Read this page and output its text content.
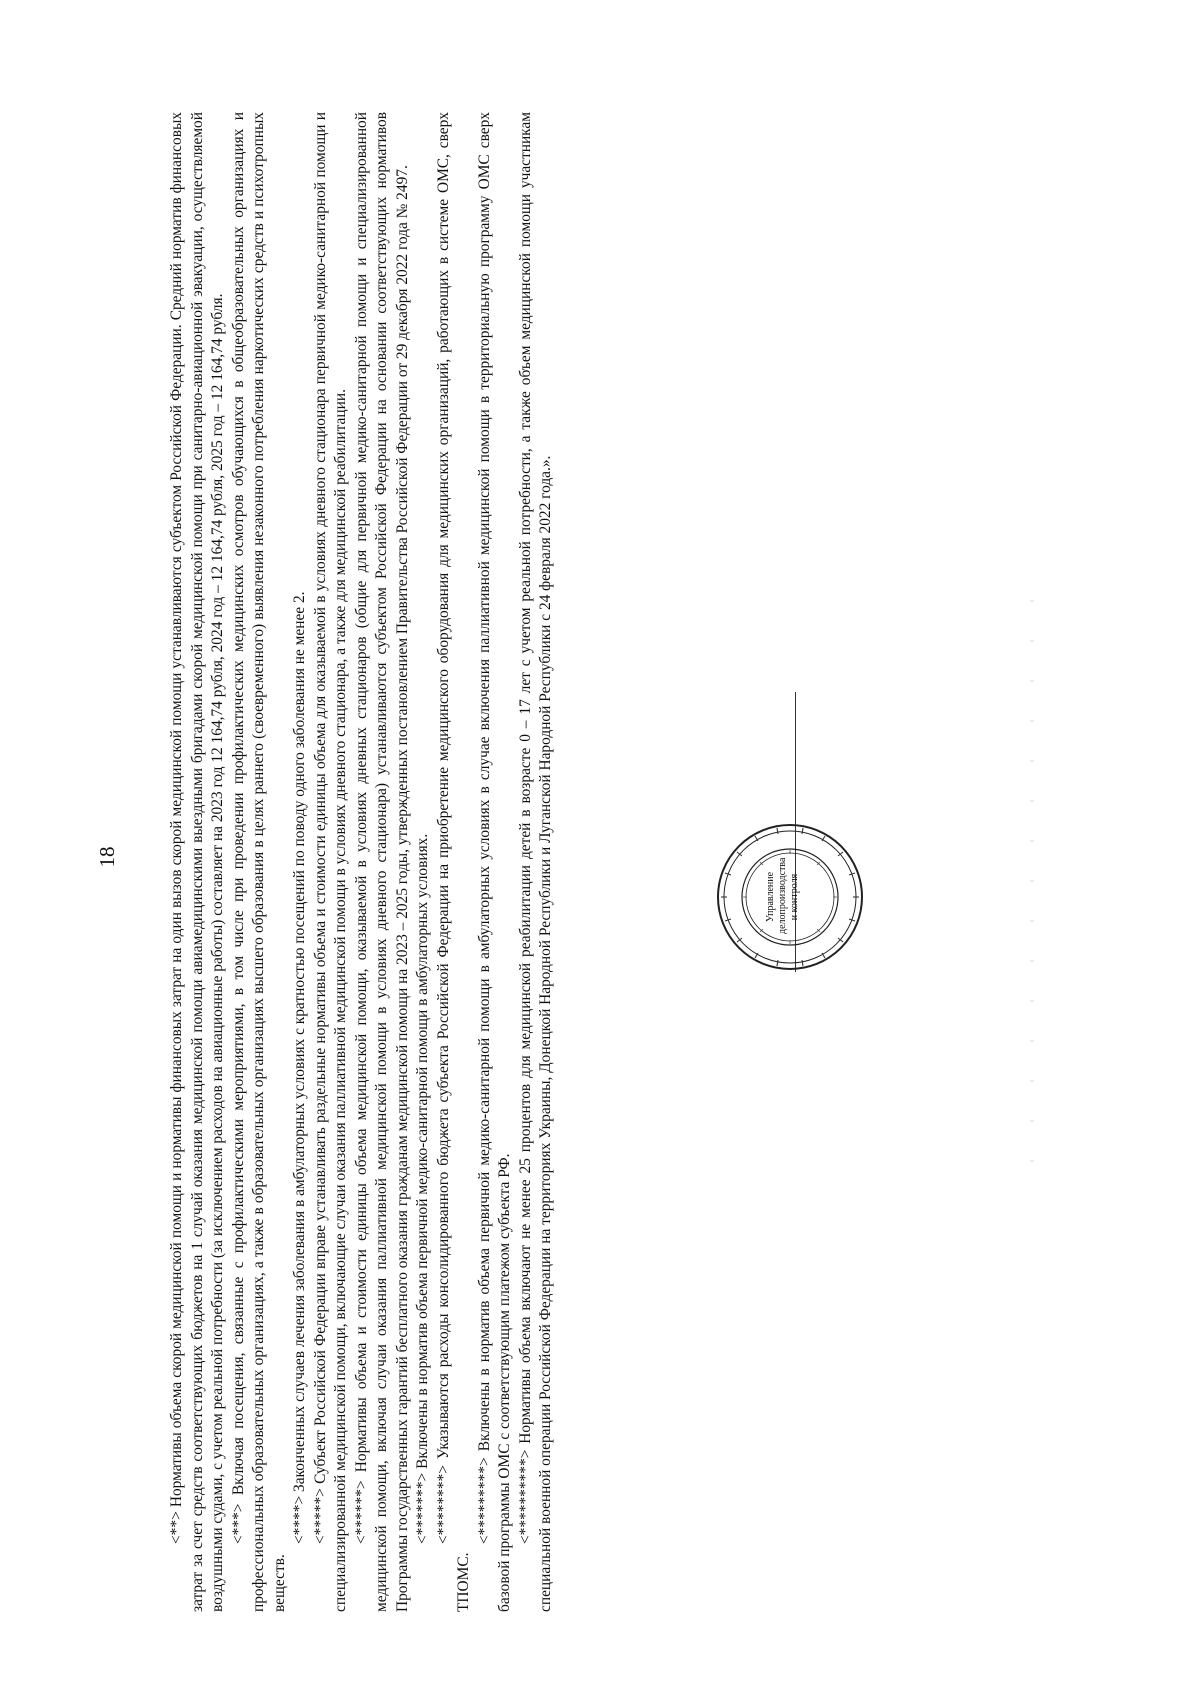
18

<**> Нормативы объема скорой медицинской помощи и нормативы финансовых затрат на один вызов скорой медицинской помощи устанавливаются субъектом Российской Федерации. Средний норматив финансовых затрат за счет средств соответствующих бюджетов на 1 случай оказания медицинской помощи авиамедицинскими выездными бригадами скорой медицинской помощи при санитарно-авиационной эвакуации, осуществляемой воздушными судами, с учетом реальной потребности (за исключением расходов на авиационные работы) составляет на 2023 год 12 164,74 рубля, 2024 год – 12 164,74 рубля, 2025 год – 12 164,74 рубля. <***> Включая посещения, связанные с профилактическими мероприятиями, в том числе при проведении профилактических медицинских осмотров обучающихся в общеобразовательных организациях и профессиональных образовательных организациях, а также в образовательных организациях высшего образования в целях раннего (своевременного) выявления незаконного потребления наркотических средств и психотропных веществ.

<****> Законченных случаев лечения заболевания в амбулаторных условиях с кратностью посещений по поводу одного заболевания не менее 2.

<*****> Субъект Российской Федерации вправе устанавливать раздельные нормативы объема и стоимости единицы объема для оказываемой в условиях дневного стационара первичной медико-санитарной помощи и специализированной медицинской помощи, включающие случаи оказания паллиативной медицинской помощи в условиях дневного стационара, а также для медицинской реабилитации. <******> Нормативы объема и стоимости единицы объема медицинской помощи, оказываемой в условиях дневных стационаров (общие для первичной медико-санитарной помощи и специализированной медицинской помощи, включая случаи оказания паллиативной медицинской помощи в условиях дневного стационара) устанавливаются субъектом Российской Федерации на основании соответствующих нормативов Программы государственных гарантий бесплатного оказания гражданам медицинской помощи на 2023 – 2025 годы, утвержденных постановлением Правительства Российской Федерации от 29 декабря 2022 года № 2497. <*******> Включены в норматив объема первичной медико-санитарной помощи в амбулаторных условиях.

<********> Указываются расходы консолидированного бюджета субъекта Российской Федерации на приобретение медицинского оборудования для медицинских организаций, работающих в системе ОМС, сверх ТПОМС.

<*********> Включены в норматив объема первичной медико-санитарной помощи в амбулаторных условиях в случае включения паллиативной медицинской помощи в территориальную программу ОМС сверх базовой программы ОМС с соответствующим платежом субъекта РФ. <**********> Нормативы объема включают не менее 25 процентов для медицинской реабилитации детей в возрасте 0 – 17 лет с учетом реальной потребности, а также объем медицинской помощи участникам специальной военной операции Российской Федерации на территориях Украины, Донецкой Народной Республики и Луганской Народной Республики с 24 февраля 2022 года.».	Управление делопроизводства и контроля
